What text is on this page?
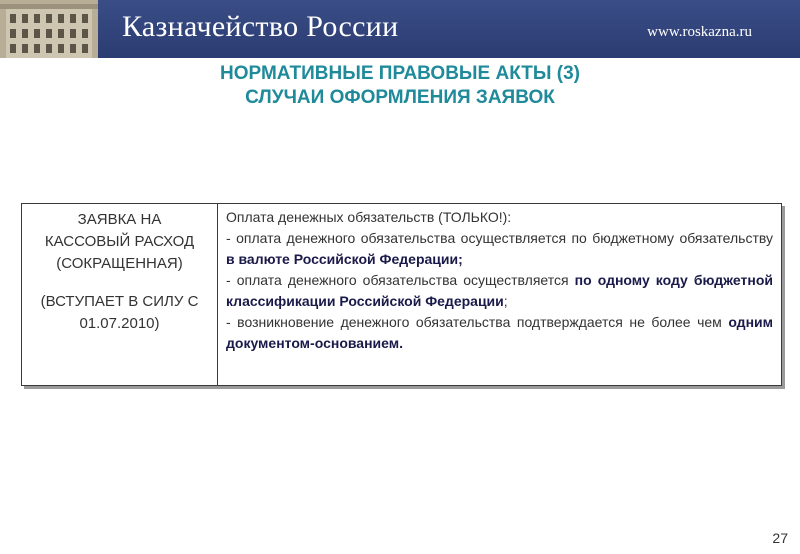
Казначейство России	www.roskazna.ru
НОРМАТИВНЫЕ ПРАВОВЫЕ АКТЫ (3)
СЛУЧАИ ОФОРМЛЕНИЯ ЗАЯВОК
ЗАЯВКА НА
КАССОВЫЙ РАСХОД
(СОКРАЩЕННАЯ)
(ВСТУПАЕТ В СИЛУ С
01.07.2010)

Оплата денежных обязательств (ТОЛЬКО!):

- оплата денежного обязательства осуществляется по бюджетному обязательству в валюте Российской Федерации;

- оплата денежного обязательства осуществляется по одному коду бюджетной классификации Российской Федерации;

- возникновение денежного обязательства подтверждается не более чем одним документом-основанием.

27
